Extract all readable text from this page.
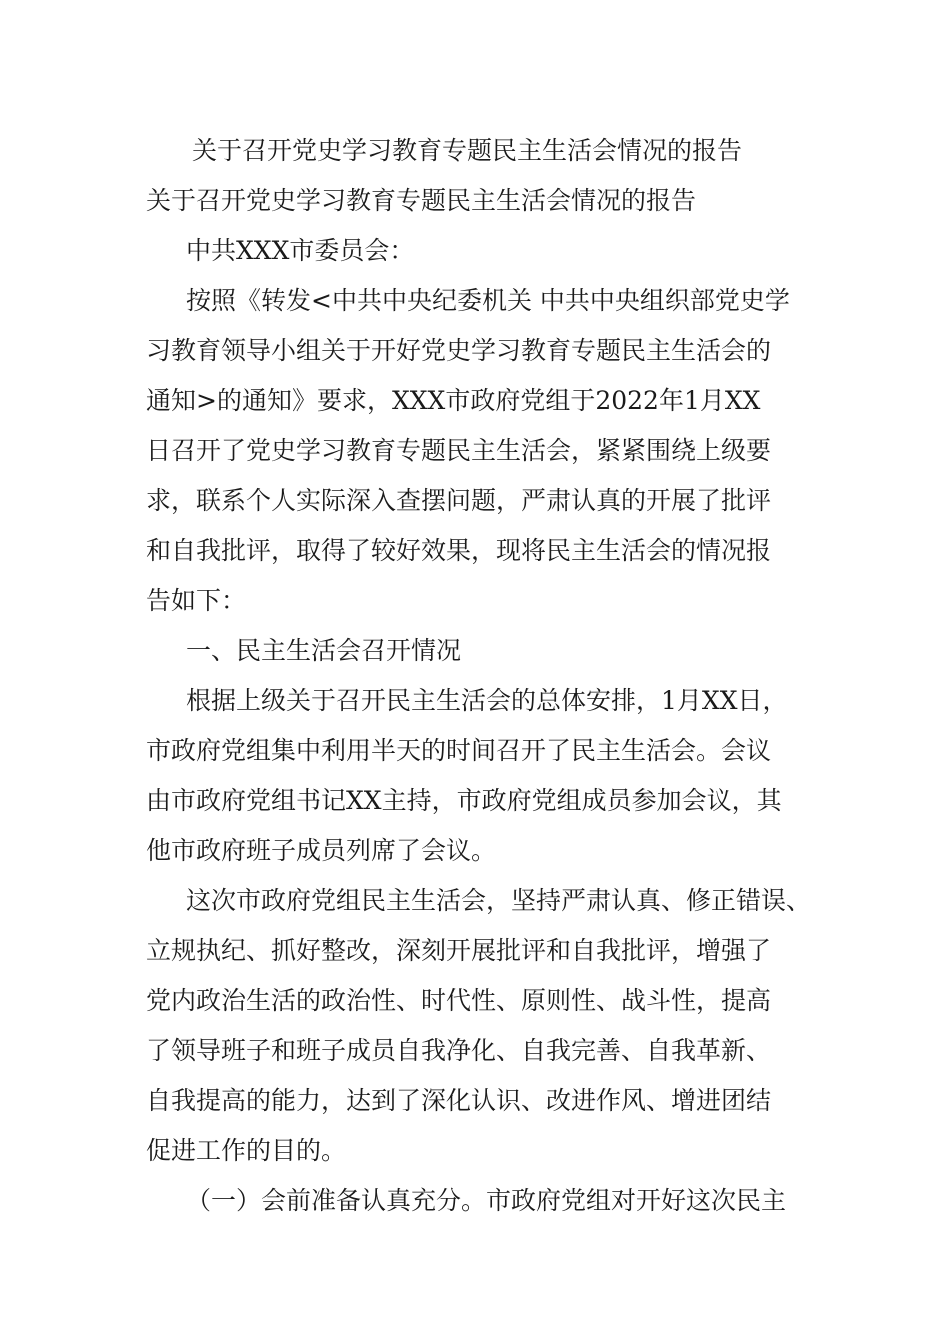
关于召开党史学习教育专题民主生活会情况的报告
关于召开党史学习教育专题民主生活会情况的报告
中共XXX市委员会：
按照《转发<中共中央纪委机关 中共中央组织部党史学
习教育领导小组关于开好党史学习教育专题民主生活会的
通知>的通知》要求，XXX市政府党组于2022年1月XX
日召开了党史学习教育专题民主生活会，紧紧围绕上级要
求，联系个人实际深入查摆问题，严肃认真的开展了批评
和自我批评，取得了较好效果，现将民主生活会的情况报
告如下：
一、民主生活会召开情况
根据上级关于召开民主生活会的总体安排，1月XX日，
市政府党组集中利用半天的时间召开了民主生活会。会议
由市政府党组书记XX主持，市政府党组成员参加会议，其
他市政府班子成员列席了会议。
这次市政府党组民主生活会，坚持严肃认真、修正错误、
立规执纪、抓好整改，深刻开展批评和自我批评，增强了
党内政治生活的政治性、时代性、原则性、战斗性，提高
了领导班子和班子成员自我净化、自我完善、自我革新、
自我提高的能力，达到了深化认识、改进作风、增进团结
促进工作的目的。
（一）会前准备认真充分。市政府党组对开好这次民主
